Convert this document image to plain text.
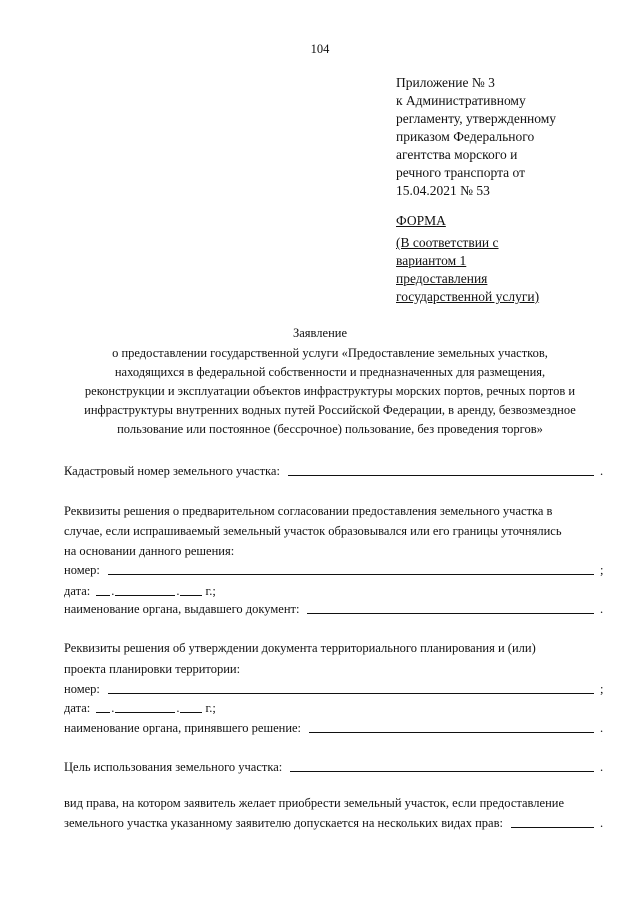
104
Приложение № 3
к Административному
регламенту, утвержденному
приказом Федерального
агентства морского и
речного транспорта от
15.04.2021 № 53
ФОРМА
(В соответствии с
вариантом 1
предоставления
государственной услуги)
Заявление
о предоставлении государственной услуги «Предоставление земельных участков,
находящихся в федеральной собственности и предназначенных для размещения,
реконструкции и эксплуатации объектов инфраструктуры морских портов, речных портов и
инфраструктуры внутренних водных путей Российской Федерации, в аренду, безвозмездное
пользование или постоянное (бессрочное) пользование, без проведения торгов»
Кадастровый номер земельного участка:	.
Реквизиты решения о предварительном согласовании предоставления земельного участка в
случае, если испрашиваемый земельный участок образовывался или его границы уточнялись
на основании данного решения:
номер:	;
дата: .	. г.;
наименование органа, выдавшего документ:	.
Реквизиты решения об утверждении документа территориального планирования и (или)
проекта планировки территории:
номер:	;
дата: .	. г.;
наименование органа, принявшего решение:	.
Цель использования земельного участка:	.
вид права, на котором заявитель желает приобрести земельный участок, если предоставление
земельного участка указанному заявителю допускается на нескольких видах прав:	.
